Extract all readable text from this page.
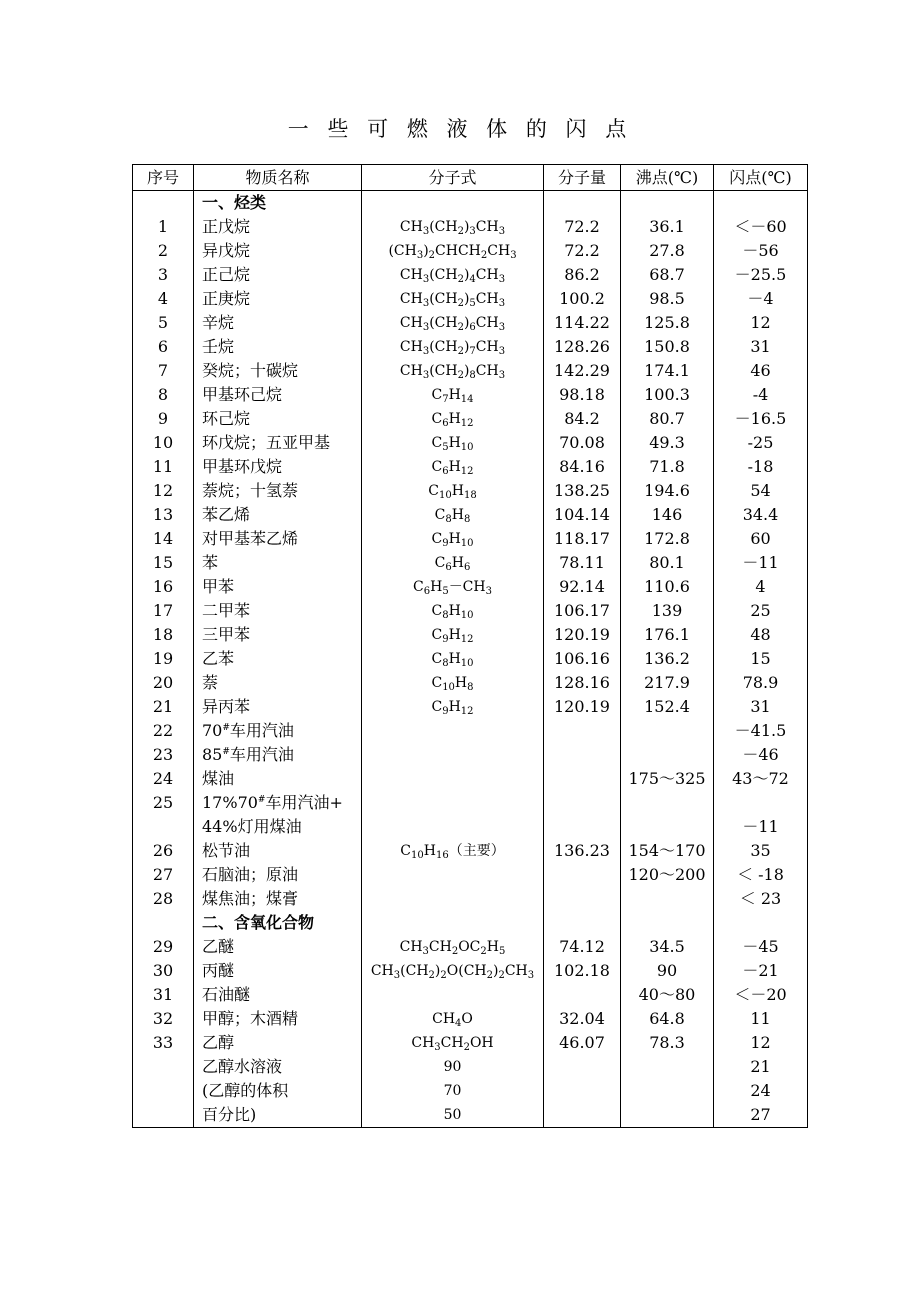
一 些 可 燃 液 体 的 闪 点
序号	物质名称	分子式	分子量	沸点(℃)	闪点(℃)
	一、烃类				
1	正戊烷	$CH_3(CH_2)_3CH_3$	72.2	36.1	＜－60
2	异戊烷	$(CH_3)_2CHCH_2CH_3$	72.2	27.8	－56
3	正己烷	$CH_3(CH_2)_4CH_3$	86.2	68.7	－25.5
4	正庚烷	$CH_3(CH_2)_5CH_3$	100.2	98.5	－4
5	辛烷	$CH_3(CH_2)_6CH_3$	114.22	125.8	12
6	壬烷	$CH_3(CH_2)_7CH_3$	128.26	150.8	31
7	癸烷；十碳烷	$CH_3(CH_2)_8CH_3$	142.29	174.1	46
8	甲基环己烷	$C_7H_{14}$	98.18	100.3	-4
9	环己烷	$C_6H_{12}$	84.2	80.7	－16.5
10	环戊烷；五亚甲基	$C_5H_{10}$	70.08	49.3	-25
11	甲基环戊烷	$C_6H_{12}$	84.16	71.8	-18
12	萘烷；十氢萘	$C_{10}H_{18}$	138.25	194.6	54
13	苯乙烯	$C_8H_8$	104.14	146	34.4
14	对甲基苯乙烯	$C_9H_{10}$	118.17	172.8	60
15	苯	$C_6H_6$	78.11	80.1	－11
16	甲苯	$C_6H_5-CH_3$	92.14	110.6	4
17	二甲苯	$C_8H_{10}$	106.17	139	25
18	三甲苯	$C_9H_{12}$	120.19	176.1	48
19	乙苯	$C_8H_{10}$	106.16	136.2	15
20	萘	$C_{10}H_8$	128.16	217.9	78.9
21	异丙苯	$C_9H_{12}$	120.19	152.4	31
22	70#车用汽油				－41.5
23	85#车用汽油				－46
24	煤油			175～325	43～72
25	17%70#车用汽油+				
	44%灯用煤油				－11
26	松节油	$C_{10}H_{16}$（主要）	136.23	154～170	35
27	石脑油；原油			120～200	＜ -18
28	煤焦油；煤膏				＜ 23
	二、含氧化合物				
29	乙醚	$CH_3CH_2OC_2H_5$	74.12	34.5	－45
30	丙醚	$CH_3(CH_2)_2O(CH_2)_2CH_3$	102.18	90	－21
31	石油醚			40～80	＜－20
32	甲醇；木酒精	$CH_4O$	32.04	64.8	11
33	乙醇	$CH_3CH_2OH$	46.07	78.3	12
	乙醇水溶液	90			21
	(乙醇的体积	70			24
	百分比)	50			27
